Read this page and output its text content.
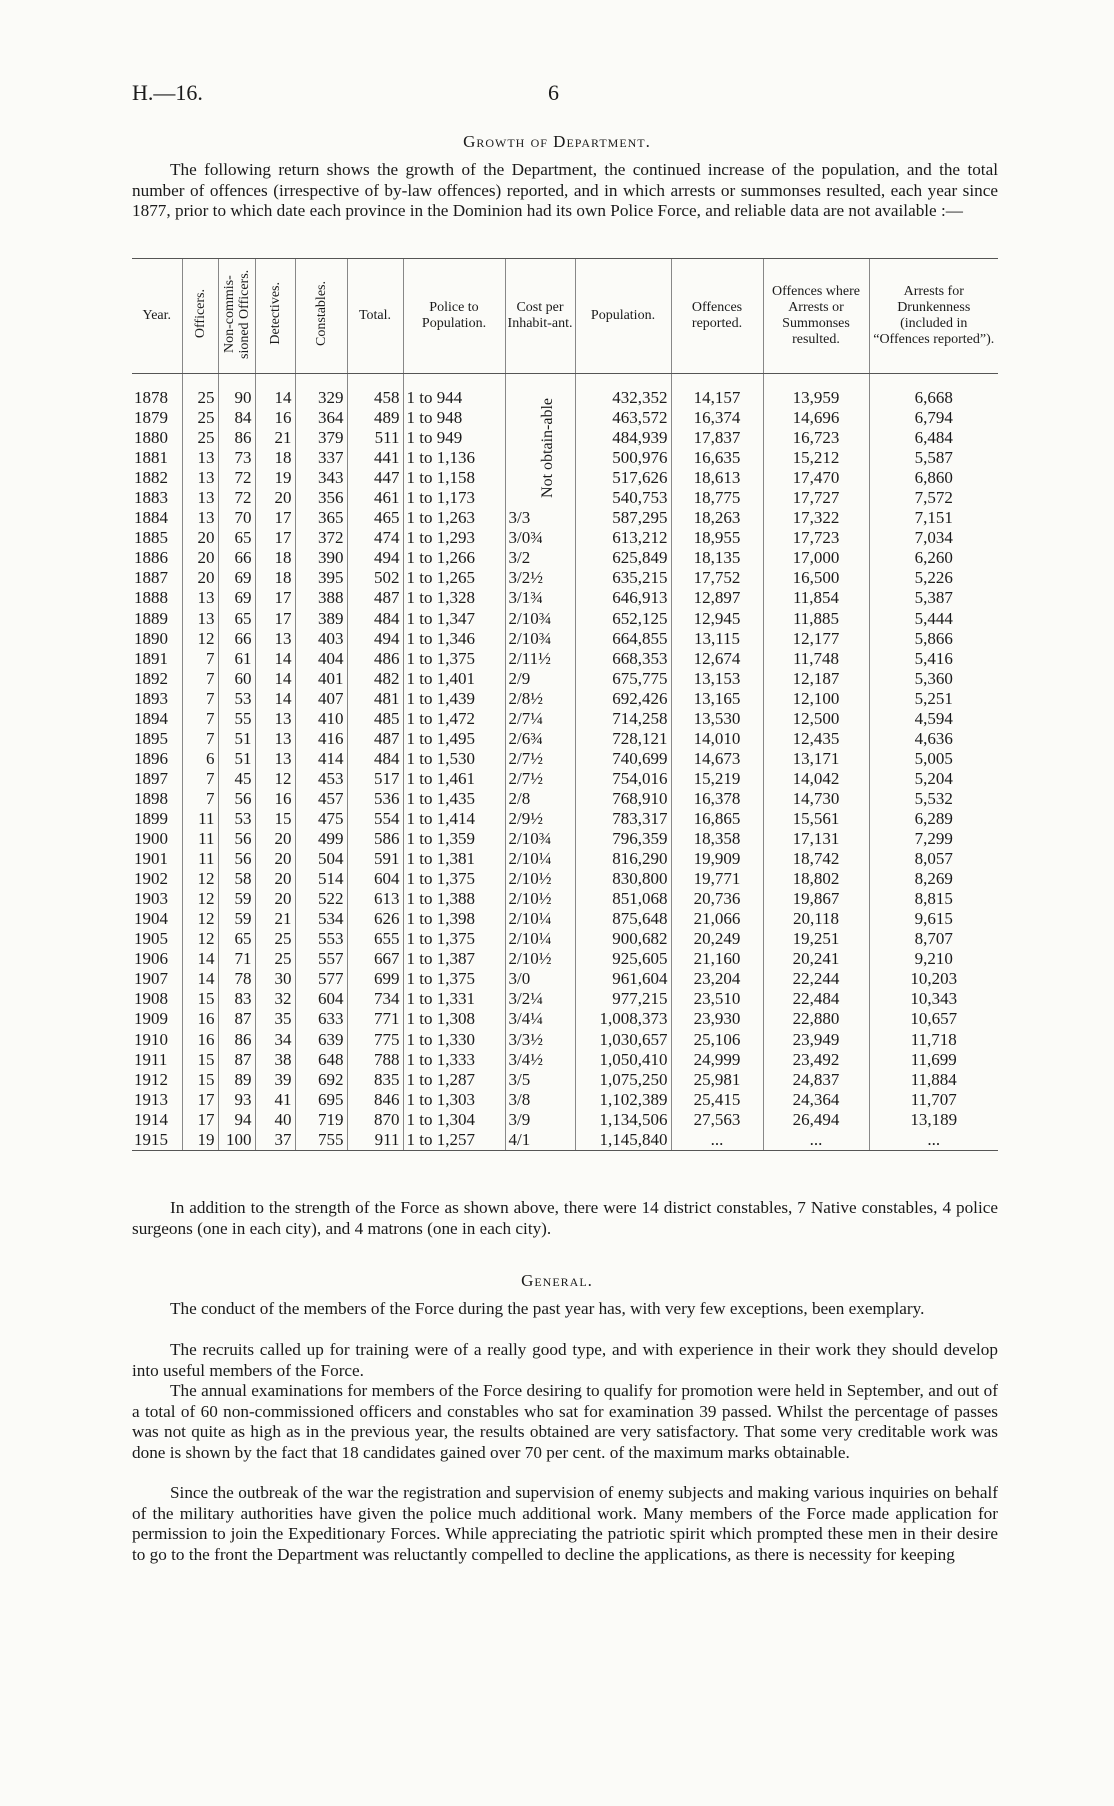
H.—16.	6
Growth of Department.

The following return shows the growth of the Department, the continued increase of the population, and the total number of offences (irrespective of by-law offences) reported, and in which arrests or summonses resulted, each year since 1877, prior to which date each province in the Dominion had its own Police Force, and reliable data are not available :—

Year.	Officers.	Non-commis-sioned Officers.	Detectives.	Constables.	Total.	Police to Population.	Cost per Inhabit-ant.	Population.	Offences reported.	Offences where Arrests or Summonses resulted.	Arrests for Drunkenness (included in “Offences reported”).

1878	25	90	14	329	458	1 to 944		432,352	14,157	13,959	6,668
1879	25	84	16	364	489	1 to 948		463,572	16,374	14,696	6,794
1880	25	86	21	379	511	1 to 949		484,939	17,837	16,723	6,484
1881	13	73	18	337	441	1 to 1,136		500,976	16,635	15,212	5,587
1882	13	72	19	343	447	1 to 1,158		517,626	18,613	17,470	6,860
1883	13	72	20	356	461	1 to 1,173		540,753	18,775	17,727	7,572
1884	13	70	17	365	465	1 to 1,263	3/3	587,295	18,263	17,322	7,151
1885	20	65	17	372	474	1 to 1,293	3/0¾	613,212	18,955	17,723	7,034
1886	20	66	18	390	494	1 to 1,266	3/2	625,849	18,135	17,000	6,260
1887	20	69	18	395	502	1 to 1,265	3/2½	635,215	17,752	16,500	5,226
1888	13	69	17	388	487	1 to 1,328	3/1¾	646,913	12,897	11,854	5,387
1889	13	65	17	389	484	1 to 1,347	2/10¾	652,125	12,945	11,885	5,444
1890	12	66	13	403	494	1 to 1,346	2/10¾	664,855	13,115	12,177	5,866
1891	7	61	14	404	486	1 to 1,375	2/11½	668,353	12,674	11,748	5,416
1892	7	60	14	401	482	1 to 1,401	2/9	675,775	13,153	12,187	5,360
1893	7	53	14	407	481	1 to 1,439	2/8½	692,426	13,165	12,100	5,251
1894	7	55	13	410	485	1 to 1,472	2/7¼	714,258	13,530	12,500	4,594
1895	7	51	13	416	487	1 to 1,495	2/6¾	728,121	14,010	12,435	4,636
1896	6	51	13	414	484	1 to 1,530	2/7½	740,699	14,673	13,171	5,005
1897	7	45	12	453	517	1 to 1,461	2/7½	754,016	15,219	14,042	5,204
1898	7	56	16	457	536	1 to 1,435	2/8	768,910	16,378	14,730	5,532
1899	11	53	15	475	554	1 to 1,414	2/9½	783,317	16,865	15,561	6,289
1900	11	56	20	499	586	1 to 1,359	2/10¾	796,359	18,358	17,131	7,299
1901	11	56	20	504	591	1 to 1,381	2/10¼	816,290	19,909	18,742	8,057
1902	12	58	20	514	604	1 to 1,375	2/10½	830,800	19,771	18,802	8,269
1903	12	59	20	522	613	1 to 1,388	2/10½	851,068	20,736	19,867	8,815
1904	12	59	21	534	626	1 to 1,398	2/10¼	875,648	21,066	20,118	9,615
1905	12	65	25	553	655	1 to 1,375	2/10¼	900,682	20,249	19,251	8,707
1906	14	71	25	557	667	1 to 1,387	2/10½	925,605	21,160	20,241	9,210
1907	14	78	30	577	699	1 to 1,375	3/0	961,604	23,204	22,244	10,203
1908	15	83	32	604	734	1 to 1,331	3/2¼	977,215	23,510	22,484	10,343
1909	16	87	35	633	771	1 to 1,308	3/4¼	1,008,373	23,930	22,880	10,657
1910	16	86	34	639	775	1 to 1,330	3/3½	1,030,657	25,106	23,949	11,718
1911	15	87	38	648	788	1 to 1,333	3/4½	1,050,410	24,999	23,492	11,699
1912	15	89	39	692	835	1 to 1,287	3/5	1,075,250	25,981	24,837	11,884
1913	17	93	41	695	846	1 to 1,303	3/8	1,102,389	25,415	24,364	11,707
1914	17	94	40	719	870	1 to 1,304	3/9	1,134,506	27,563	26,494	13,189
1915	19	100	37	755	911	1 to 1,257	4/1	1,145,840	...	...	...
Not obtain-able

In addition to the strength of the Force as shown above, there were 14 district constables, 7 Native constables, 4 police surgeons (one in each city), and 4 matrons (one in each city).

General.

The conduct of the members of the Force during the past year has, with very few exceptions, been exemplary.

The recruits called up for training were of a really good type, and with experience in their work they should develop into useful members of the Force.

The annual examinations for members of the Force desiring to qualify for promotion were held in September, and out of a total of 60 non-commissioned officers and constables who sat for examination 39 passed. Whilst the percentage of passes was not quite as high as in the previous year, the results obtained are very satisfactory. That some very creditable work was done is shown by the fact that 18 candidates gained over 70 per cent. of the maximum marks obtainable.

Since the outbreak of the war the registration and supervision of enemy subjects and making various inquiries on behalf of the military authorities have given the police much additional work. Many members of the Force made application for permission to join the Expeditionary Forces. While appreciating the patriotic spirit which prompted these men in their desire to go to the front the Department was reluctantly compelled to decline the applications, as there is necessity for keeping
